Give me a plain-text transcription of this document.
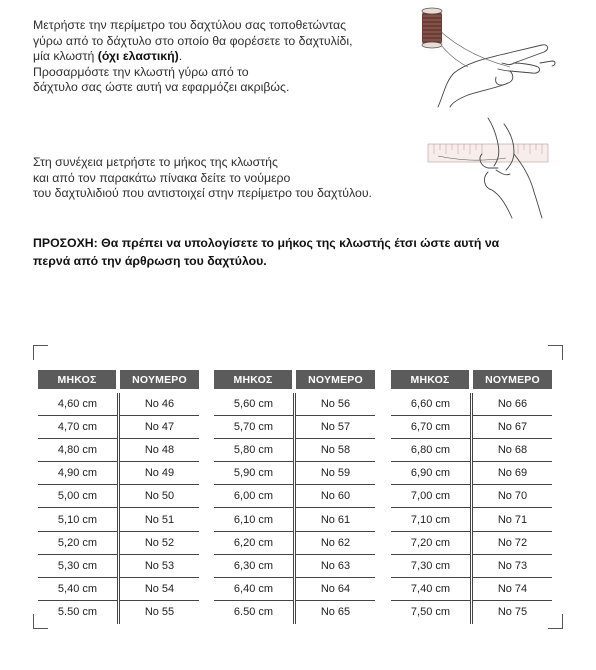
Μετρήστε την περίμετρο του δαχτύλου σας τοποθετώντας
γύρω από το δάχτυλο στο οποίο θα φορέσετε το δαχτυλίδι,
μία κλωστή (όχι ελαστική).
Προσαρμόστε την κλωστή γύρω από το
δάχτυλο σας ώστε αυτή να εφαρμόζει ακριβώς.
Στη συνέχεια μετρήστε το μήκος της κλωστής
και από τον παρακάτω πίνακα δείτε το νούμερο
του δαχτυλιδιού που αντιστοιχεί στην περίμετρο του δαχτύλου.
ΠΡΟΣΟΧΗ: Θα πρέπει να υπολογίσετε το μήκος της κλωστής έτσι ώστε αυτή να
περνά από την άρθρωση του δαχτύλου.
ΜΗΚΟΣ	ΝΟΥΜΕΡΟ
4,60 cm	No 46
4,70 cm	No 47
4,80 cm	No 48
4,90 cm	No 49
5,00 cm	No 50
5,10 cm	No 51
5,20 cm	No 52
5,30 cm	No 53
5,40 cm	No 54
5.50 cm	No 55
ΜΗΚΟΣ	ΝΟΥΜΕΡΟ
5,60 cm	No 56
5,70 cm	No 57
5,80 cm	No 58
5,90 cm	No 59
6,00 cm	No 60
6,10 cm	No 61
6,20 cm	No 62
6,30 cm	No 63
6,40 cm	No 64
6.50 cm	No 65
ΜΗΚΟΣ	ΝΟΥΜΕΡΟ
6,60 cm	No 66
6,70 cm	No 67
6,80 cm	No 68
6,90 cm	No 69
7,00 cm	No 70
7,10 cm	No 71
7,20 cm	No 72
7,30 cm	No 73
7,40 cm	No 74
7,50 cm	No 75
